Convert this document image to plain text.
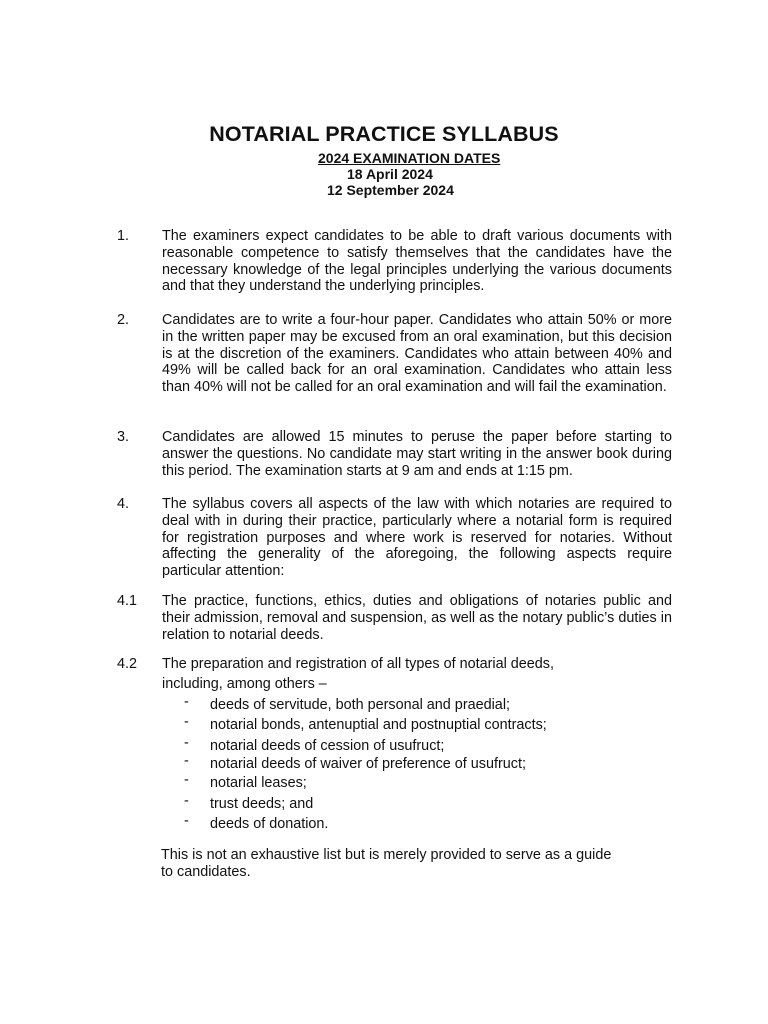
NOTARIAL PRACTICE SYLLABUS
2024 EXAMINATION DATES
18 April 2024
12 September 2024
1.	The examiners expect candidates to be able to draft various documents with reasonable competence to satisfy themselves that the candidates have the necessary knowledge of the legal principles underlying the various documents and that they understand the underlying principles.
2.	Candidates are to write a four-hour paper. Candidates who attain 50% or more in the written paper may be excused from an oral examination, but this decision is at the discretion of the examiners. Candidates who attain between 40% and 49% will be called back for an oral examination. Candidates who attain less than 40% will not be called for an oral examination and will fail the examination.
3.	Candidates are allowed 15 minutes to peruse the paper before starting to answer the questions. No candidate may start writing in the answer book during this period. The examination starts at 9 am and ends at 1:15 pm.
4.	The syllabus covers all aspects of the law with which notaries are required to deal with in during their practice, particularly where a notarial form is required for registration purposes and where work is reserved for notaries. Without affecting the generality of the aforegoing, the following aspects require particular attention:
4.1	The practice, functions, ethics, duties and obligations of notaries public and their admission, removal and suspension, as well as the notary public’s duties in relation to notarial deeds.
4.2	The preparation and registration of all types of notarial deeds,
including, among others –
- deeds of servitude, both personal and praedial;
- notarial bonds, antenuptial and postnuptial contracts;
- notarial deeds of cession of usufruct;
- notarial deeds of waiver of preference of usufruct;
- notarial leases;
- trust deeds; and
- deeds of donation.
This is not an exhaustive list but is merely provided to serve as a guide
to candidates.
